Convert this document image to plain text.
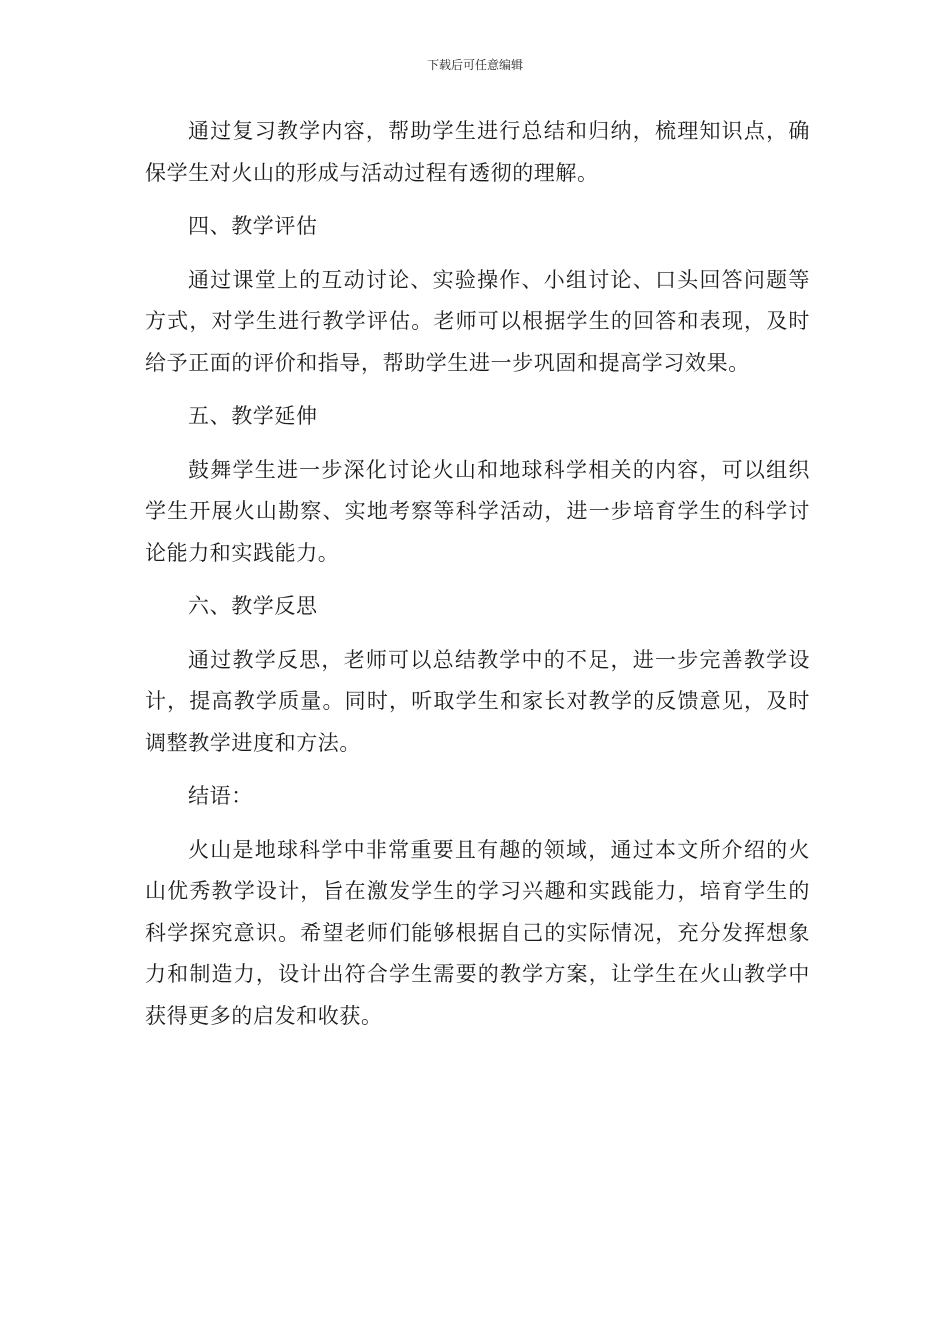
下载后可任意编辑

通过复习教学内容，帮助学生进行总结和归纳，梳理知识点，确保学生对火山的形成与活动过程有透彻的理解。

四、教学评估

通过课堂上的互动讨论、实验操作、小组讨论、口头回答问题等方式，对学生进行教学评估。老师可以根据学生的回答和表现，及时给予正面的评价和指导，帮助学生进一步巩固和提高学习效果。

五、教学延伸

鼓舞学生进一步深化讨论火山和地球科学相关的内容，可以组织学生开展火山勘察、实地考察等科学活动，进一步培育学生的科学讨论能力和实践能力。

六、教学反思

通过教学反思，老师可以总结教学中的不足，进一步完善教学设计，提高教学质量。同时，听取学生和家长对教学的反馈意见，及时调整教学进度和方法。

结语：

火山是地球科学中非常重要且有趣的领域，通过本文所介绍的火山优秀教学设计，旨在激发学生的学习兴趣和实践能力，培育学生的科学探究意识。希望老师们能够根据自己的实际情况，充分发挥想象力和制造力，设计出符合学生需要的教学方案，让学生在火山教学中获得更多的启发和收获。
